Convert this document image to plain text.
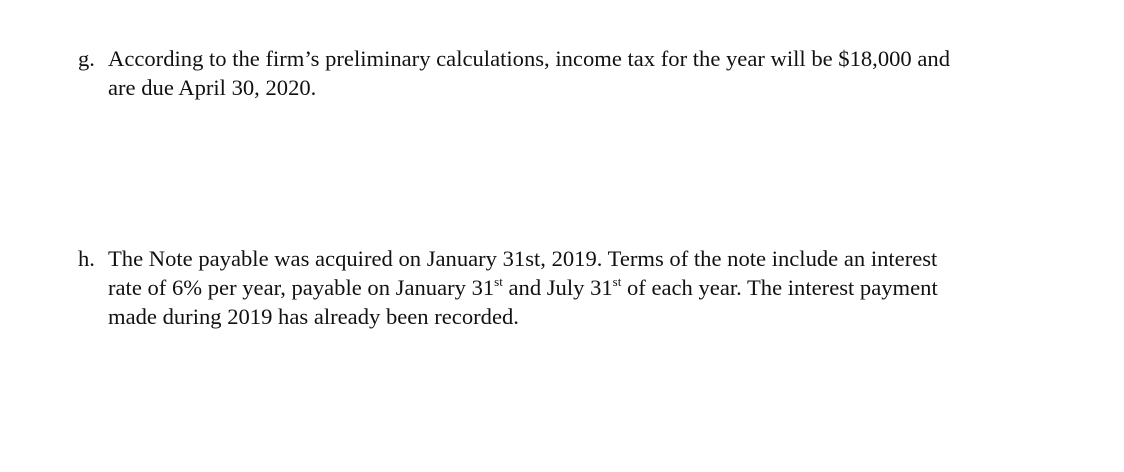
g. According to the firm’s preliminary calculations, income tax for the year will be $18,000 and
are due April 30, 2020.
h. The Note payable was acquired on January 31st, 2019. Terms of the note include an interest
rate of 6% per year, payable on January 31st and July 31st of each year. The interest payment
made during 2019 has already been recorded.
